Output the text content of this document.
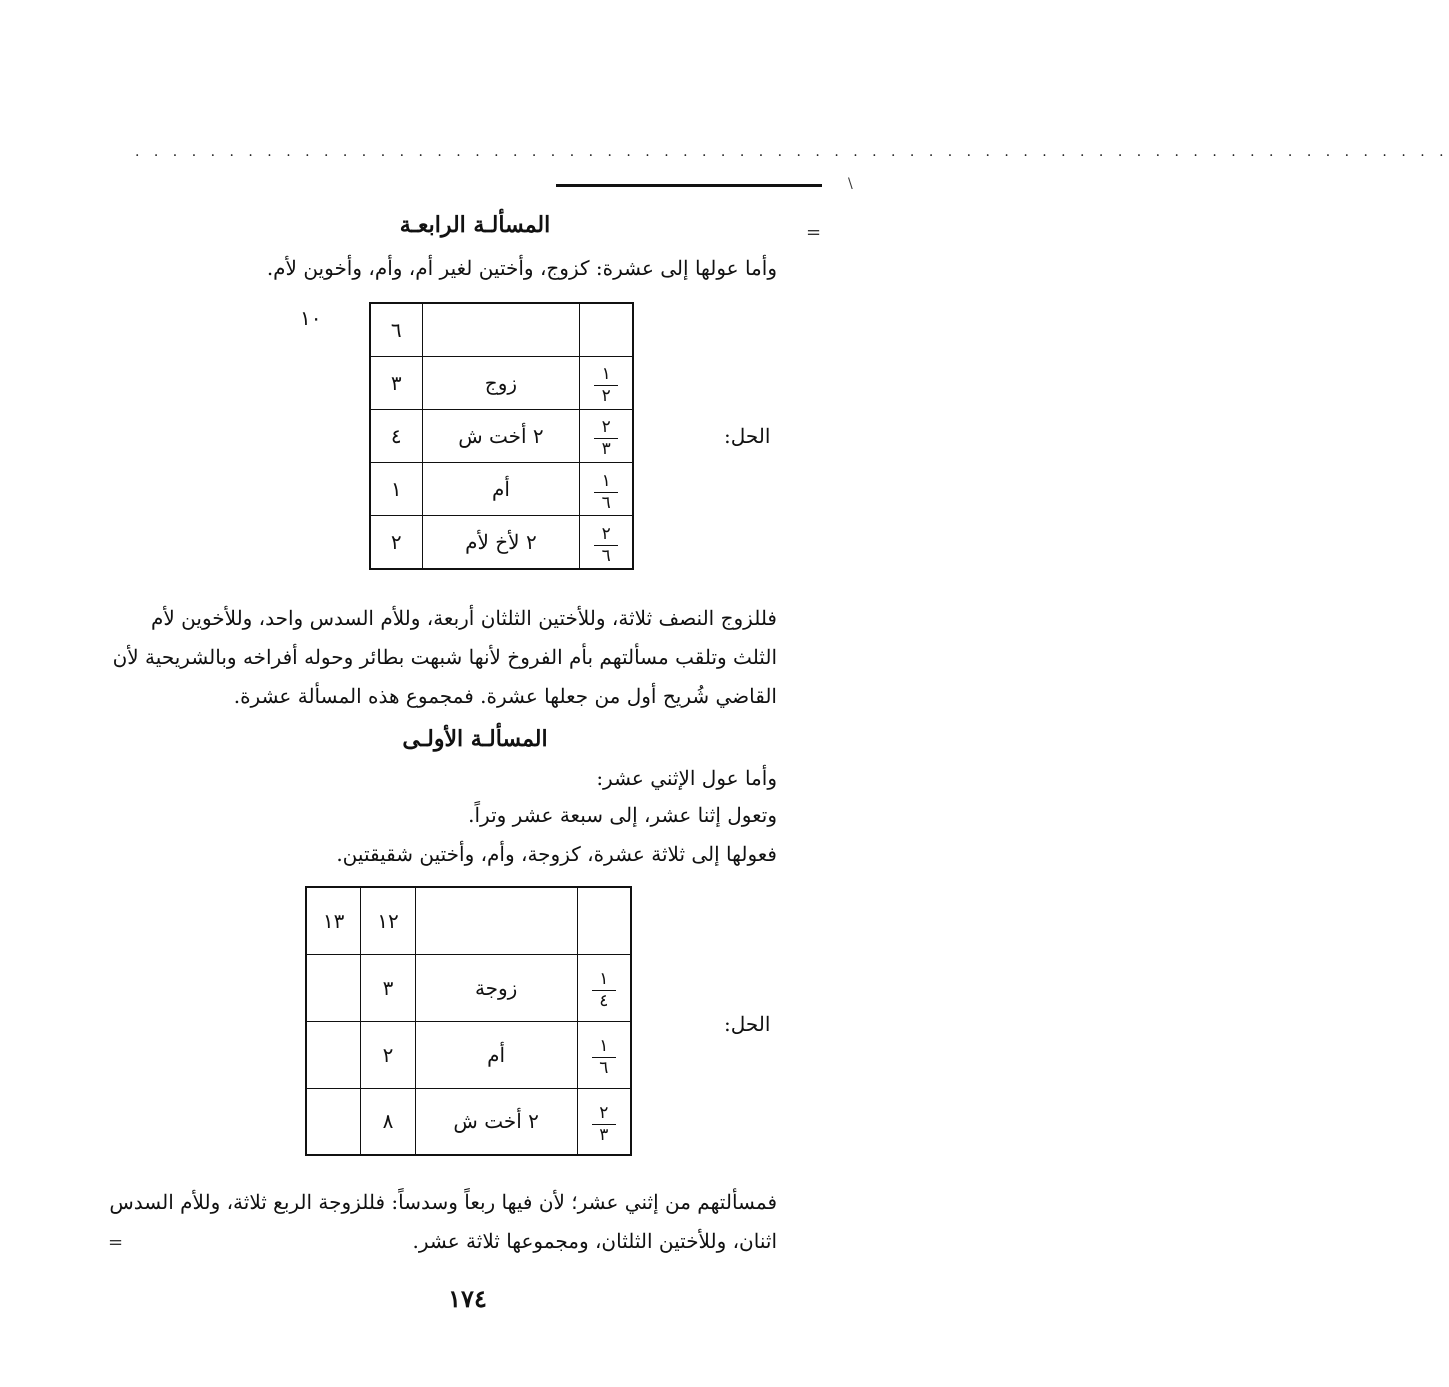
· · · · · · · · · · · · · · · · · · · · · · · · · · · · · · · · · · · · · · · · · · · · · · · · · · · · · · · · · · · · · · · · · · · · · ·
\
=
المسألـة الرابعـة
وأما عولها إلى عشرة: كزوج، وأختين لغير أم، وأم، وأخوين لأم.
١٠
الحل:
٦		
٣	زوج	$\frac{١}{٢}$

٤	٢ أخت ش	$\frac{٢}{٣}$

١	أم	$\frac{١}{٦}$

٢	٢ لأخ لأم	$\frac{٢}{٦}$
فللزوج النصف ثلاثة، وللأختين الثلثان أربعة، وللأم السدس واحد، وللأخوين لأم
الثلث وتلقب مسألتهم بأم الفروخ لأنها شبهت بطائر وحوله أفراخه وبالشريحية لأن
القاضي شُريح أول من جعلها عشرة. فمجموع هذه المسألة عشرة.
المسألـة الأولـى
وأما عول الإثني عشر:
وتعول إثنا عشر، إلى سبعة عشر وتراً.
فعولها إلى ثلاثة عشرة، كزوجة، وأم، وأختين شقيقتين.
الحل:
١٣	١٢		
	٣	زوجة	$\frac{١}{٤}$

	٢	أم	$\frac{١}{٦}$

	٨	٢ أخت ش	$\frac{٢}{٣}$
فمسألتهم من إثني عشر؛ لأن فيها ربعاً وسدساً: فللزوجة الربع ثلاثة، وللأم السدس
اثنان، وللأختين الثلثان، ومجموعها ثلاثة عشر.
=
١٧٤
